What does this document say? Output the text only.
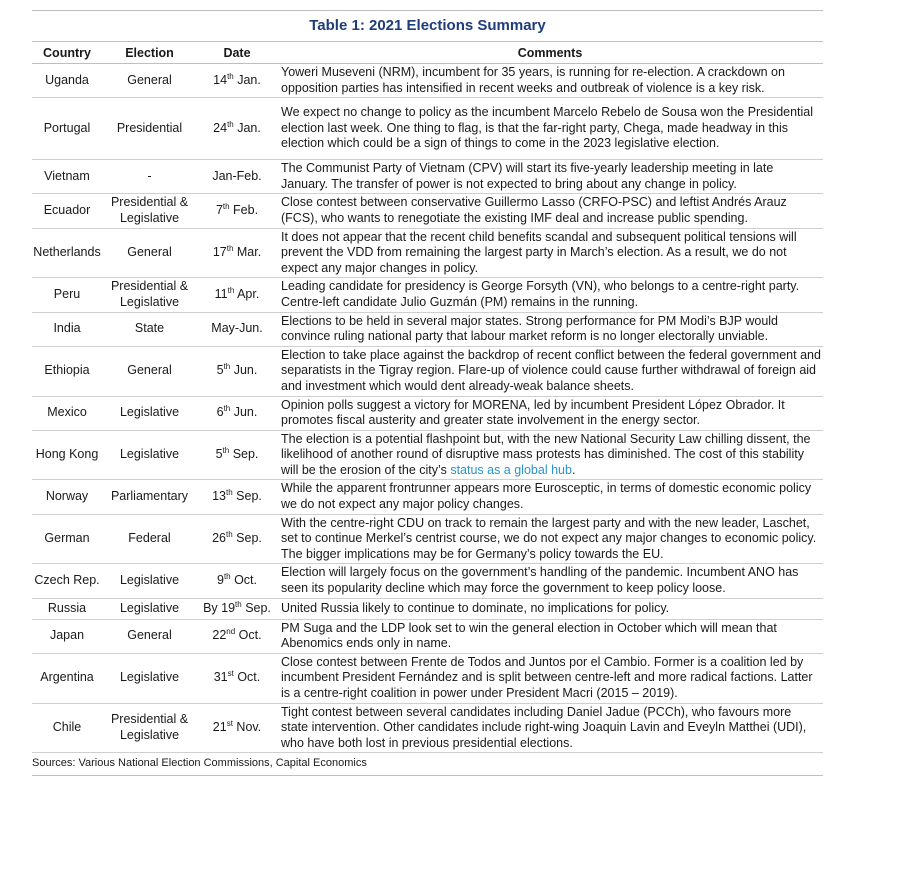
Table 1: 2021 Elections Summary
Country	Election	Date	Comments
Uganda	General	14th Jan.	Yoweri Museveni (NRM), incumbent for 35 years, is running for re-election. A crackdown on opposition parties has intensified in recent weeks and outbreak of violence is a key risk.
Portugal	Presidential	24th Jan.	We expect no change to policy as the incumbent Marcelo Rebelo de Sousa won the Presidential election last week. One thing to flag, is that the far-right party, Chega, made headway in this election which could be a sign of things to come in the 2023 legislative election.
Vietnam	-	Jan-Feb.	The Communist Party of Vietnam (CPV) will start its five-yearly leadership meeting in late January. The transfer of power is not expected to bring about any change in policy.
Ecuador	Presidential & Legislative	7th Feb.	Close contest between conservative Guillermo Lasso (CRFO-PSC) and leftist Andrés Arauz (FCS), who wants to renegotiate the existing IMF deal and increase public spending.
Netherlands	General	17th Mar.	It does not appear that the recent child benefits scandal and subsequent political tensions will prevent the VDD from remaining the largest party in March’s election. As a result, we do not expect any major changes in policy.
Peru	Presidential & Legislative	11th Apr.	Leading candidate for presidency is George Forsyth (VN), who belongs to a centre-right party. Centre-left candidate Julio Guzmán (PM) remains in the running.
India	State	May-Jun.	Elections to be held in several major states. Strong performance for PM Modi’s BJP would convince ruling national party that labour market reform is no longer electorally unviable.
Ethiopia	General	5th Jun.	Election to take place against the backdrop of recent conflict between the federal government and separatists in the Tigray region. Flare-up of violence could cause further withdrawal of foreign aid and investment which would dent already-weak balance sheets.
Mexico	Legislative	6th Jun.	Opinion polls suggest a victory for MORENA, led by incumbent President López Obrador. It promotes fiscal austerity and greater state involvement in the energy sector.
Hong Kong	Legislative	5th Sep.	The election is a potential flashpoint but, with the new National Security Law chilling dissent, the likelihood of another round of disruptive mass protests has diminished. The cost of this stability will be the erosion of the city’s status as a global hub.
Norway	Parliamentary	13th Sep.	While the apparent frontrunner appears more Eurosceptic, in terms of domestic economic policy we do not expect any major policy changes.
German	Federal	26th Sep.	With the centre-right CDU on track to remain the largest party and with the new leader, Laschet, set to continue Merkel’s centrist course, we do not expect any major changes to economic policy. The bigger implications may be for Germany’s policy towards the EU.
Czech Rep.	Legislative	9th Oct.	Election will largely focus on the government’s handling of the pandemic. Incumbent ANO has seen its popularity decline which may force the government to keep policy loose.
Russia	Legislative	By 19th Sep.	United Russia likely to continue to dominate, no implications for policy.
Japan	General	22nd Oct.	PM Suga and the LDP look set to win the general election in October which will mean that Abenomics ends only in name.
Argentina	Legislative	31st Oct.	Close contest between Frente de Todos and Juntos por el Cambio. Former is a coalition led by incumbent President Fernández and is split between centre-left and more radical factions. Latter is a centre-right coalition in power under President Macri (2015 – 2019).
Chile	Presidential & Legislative	21st Nov.	Tight contest between several candidates including Daniel Jadue (PCCh), who favours more state intervention. Other candidates include right-wing Joaquin Lavin and Eveyln Matthei (UDI), who have both lost in previous presidential elections.
Sources: Various National Election Commissions, Capital Economics
